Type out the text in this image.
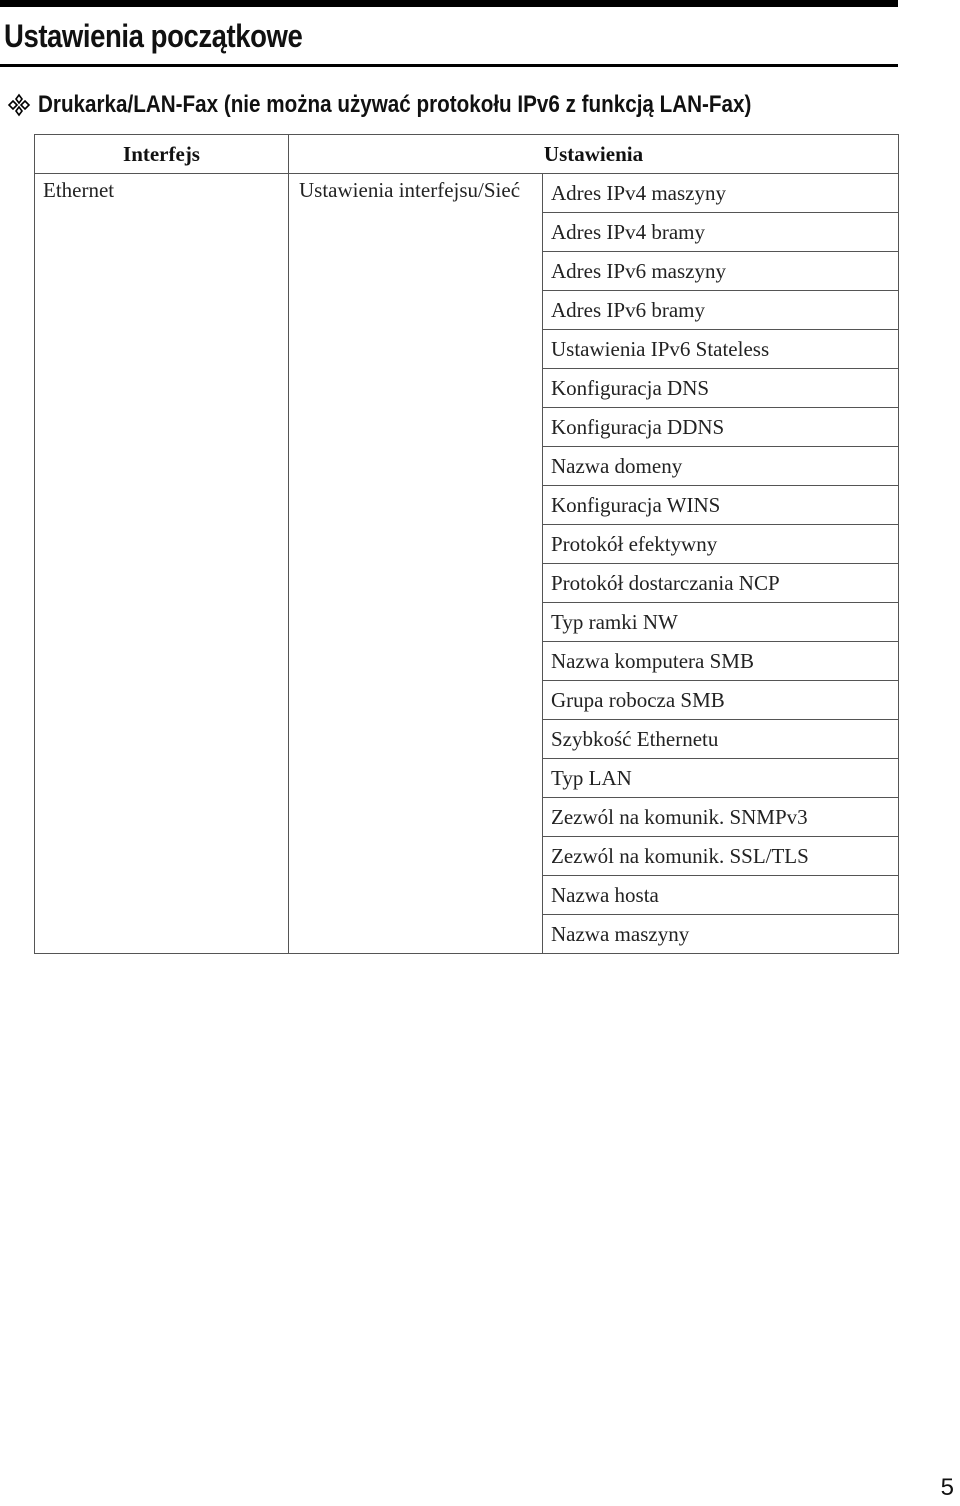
Ustawienia początkowe
Drukarka/LAN-Fax (nie można używać protokołu IPv6 z funkcją LAN-Fax)
Interfejs	Ustawienia	
Ethernet	Ustawienia interfejsu/Sieć	Adres IPv4 maszyny
		Adres IPv4 bramy
		Adres IPv6 maszyny
		Adres IPv6 bramy
		Ustawienia IPv6 Stateless
		Konfiguracja DNS
		Konfiguracja DDNS
		Nazwa domeny
		Konfiguracja WINS
		Protokół efektywny
		Protokół dostarczania NCP
		Typ ramki NW
		Nazwa komputera SMB
		Grupa robocza SMB
		Szybkość Ethernetu
		Typ LAN
		Zezwól na komunik. SNMPv3
		Zezwól na komunik. SSL/TLS
		Nazwa hosta
		Nazwa maszyny
5
